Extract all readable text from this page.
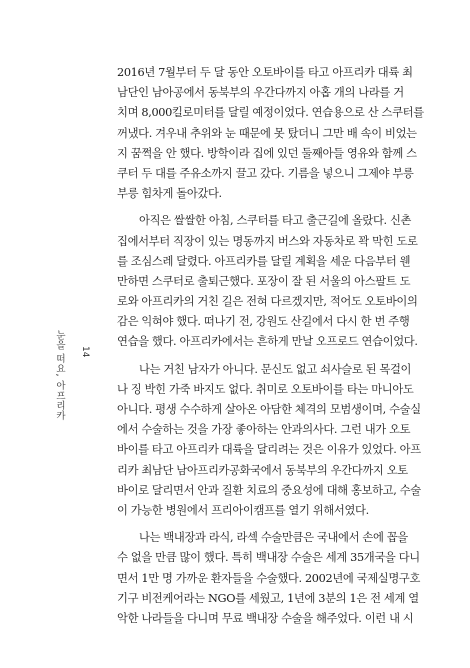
눈을 떠요, 아프리카 14
2016년 7월부터 두 달 동안 오토바이를 타고 아프리카 대륙 최
남단인 남아공에서 동북부의 우간다까지 아홉 개의 나라를 거
치며 8,000킬로미터를 달릴 예정이었다. 연습용으로 산 스쿠터를
꺼냈다. 겨우내 추위와 눈 때문에 못 탔더니 그만 배 속이 비었는
지 꿈쩍을 안 했다. 방학이라 집에 있던 둘째아들 영유와 함께 스
쿠터 두 대를 주유소까지 끌고 갔다. 기름을 넣으니 그제야 부릉
부릉 힘차게 돌아갔다.
아직은 쌀쌀한 아침, 스쿠터를 타고 출근길에 올랐다. 신촌
집에서부터 직장이 있는 명동까지 버스와 자동차로 꽉 막힌 도로
를 조심스레 달렸다. 아프리카를 달릴 계획을 세운 다음부터 웬
만하면 스쿠터로 출퇴근했다. 포장이 잘 된 서울의 아스팔트 도
로와 아프리카의 거친 길은 전혀 다르겠지만, 적어도 오토바이의
감은 익혀야 했다. 떠나기 전, 강원도 산길에서 다시 한 번 주행
연습을 했다. 아프리카에서는 흔하게 만날 오프로드 연습이었다.
나는 거친 남자가 아니다. 문신도 없고 쇠사슬로 된 목걸이
나 징 박힌 가죽 바지도 없다. 취미로 오토바이를 타는 마니아도
아니다. 평생 수수하게 살아온 아담한 체격의 모범생이며, 수술실
에서 수술하는 것을 가장 좋아하는 안과의사다. 그런 내가 오토
바이를 타고 아프리카 대륙을 달리려는 것은 이유가 있었다. 아프
리카 최남단 남아프리카공화국에서 동북부의 우간다까지 오토
바이로 달리면서 안과 질환 치료의 중요성에 대해 홍보하고, 수술
이 가능한 병원에서 프리아이캠프를 열기 위해서였다.
나는 백내장과 라식, 라섹 수술만큼은 국내에서 손에 꼽을
수 없을 만큼 많이 했다. 특히 백내장 수술은 세계 35개국을 다니
면서 1만 명 가까운 환자들을 수술했다. 2002년에 국제실명구호
기구 비전케어라는 NGO를 세웠고, 1년에 3분의 1은 전 세계 열
악한 나라들을 다니며 무료 백내장 수술을 해주었다. 이런 내 시
